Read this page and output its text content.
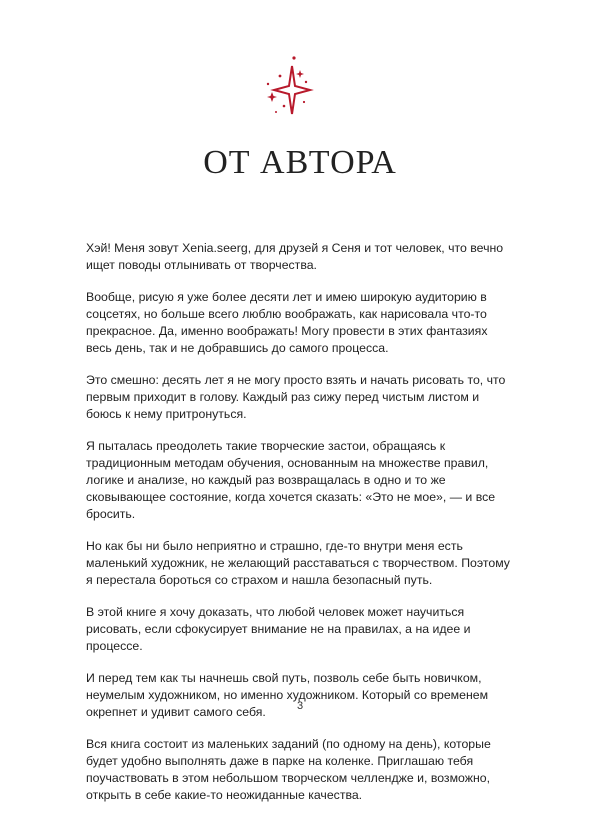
ОТ АВТОРА

Хэй! Меня зовут Xenia.seerg, для друзей я Сеня и тот человек, что вечно ищет поводы отлынивать от творчества.

Вообще, рисую я уже более десяти лет и имею широкую аудиторию в соцсетях, но больше всего люблю воображать, как нарисовала что-то прекрасное. Да, именно воображать! Могу провести в этих фантазиях весь день, так и не добравшись до самого процесса.

Это смешно: десять лет я не могу просто взять и начать рисовать то, что первым приходит в голову. Каждый раз сижу перед чистым листом и боюсь к нему притронуться.

Я пыталась преодолеть такие творческие застои, обращаясь к традиционным методам обучения, основанным на множестве правил, логике и анализе, но каждый раз возвращалась в одно и то же сковывающее состояние, когда хочется сказать: «Это не мое», — и все бросить.

Но как бы ни было неприятно и страшно, где-то внутри меня есть маленький художник, не желающий расставаться с творчеством. Поэтому я перестала бороться со страхом и нашла безопасный путь.

В этой книге я хочу доказать, что любой человек может научиться рисовать, если сфокусирует внимание не на правилах, а на идее и процессе.

И перед тем как ты начнешь свой путь, позволь себе быть новичком, неумелым художником, но именно художником. Который со временем окрепнет и удивит самого себя.

Вся книга состоит из маленьких заданий (по одному на день), которые будет удобно выполнять даже в парке на коленке. Приглашаю тебя поучаствовать в этом небольшом творческом челлендже и, возможно, открыть в себе какие-то неожиданные качества.

3
